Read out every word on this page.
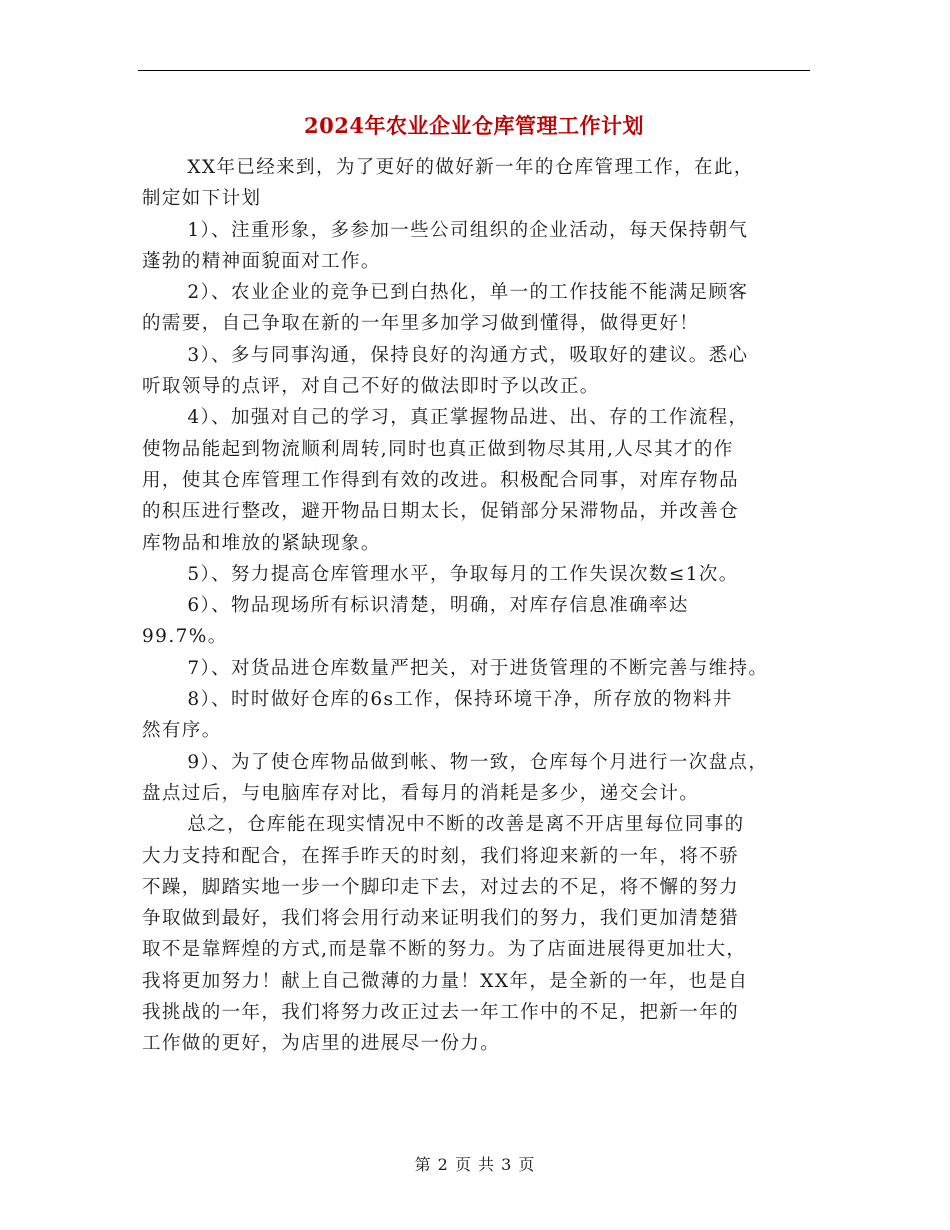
2024年农业企业仓库管理工作计划

XX年已经来到，为了更好的做好新一年的仓库管理工作，在此，
制定如下计划

1）、注重形象，多参加一些公司组织的企业活动，每天保持朝气
蓬勃的精神面貌面对工作。

2）、农业企业的竞争已到白热化，单一的工作技能不能满足顾客
的需要，自己争取在新的一年里多加学习做到懂得，做得更好！

3）、多与同事沟通，保持良好的沟通方式，吸取好的建议。悉心
听取领导的点评，对自己不好的做法即时予以改正。

4）、加强对自己的学习，真正掌握物品进、出、存的工作流程，
使物品能起到物流顺利周转,同时也真正做到物尽其用,人尽其才的作
用，使其仓库管理工作得到有效的改进。积极配合同事，对库存物品
的积压进行整改，避开物品日期太长，促销部分呆滞物品，并改善仓
库物品和堆放的紧缺现象。

5）、努力提高仓库管理水平，争取每月的工作失误次数≤1次。

6）、物品现场所有标识清楚，明确，对库存信息准确率达
99.7%。

7）、对货品进仓库数量严把关，对于进货管理的不断完善与维持。

8）、时时做好仓库的6s工作，保持环境干净，所存放的物料井
然有序。

9）、为了使仓库物品做到帐、物一致，仓库每个月进行一次盘点，
盘点过后，与电脑库存对比，看每月的消耗是多少，递交会计。

总之，仓库能在现实情况中不断的改善是离不开店里每位同事的
大力支持和配合，在挥手昨天的时刻，我们将迎来新的一年，将不骄
不躁，脚踏实地一步一个脚印走下去，对过去的不足，将不懈的努力
争取做到最好，我们将会用行动来证明我们的努力，我们更加清楚猎
取不是靠辉煌的方式,而是靠不断的努力。为了店面进展得更加壮大，
我将更加努力！献上自己微薄的力量！XX年，是全新的一年，也是自
我挑战的一年，我们将努力改正过去一年工作中的不足，把新一年的
工作做的更好，为店里的进展尽一份力。

第 2 页 共 3 页
